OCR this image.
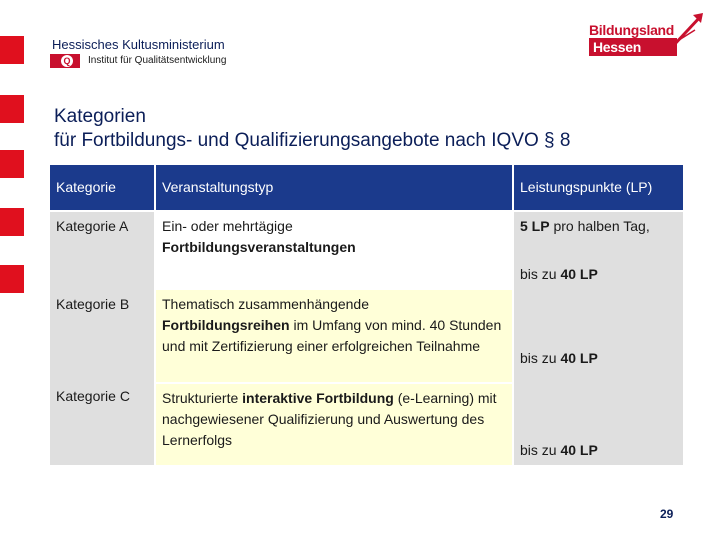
Hessisches Kultusministerium
Q Institut für Qualitätsentwicklung
Bildungsland
Hessen
Kategorien
für Fortbildungs- und Qualifizierungsangebote nach IQVO § 8
Kategorie	Veranstaltungstyp	Leistungspunkte (LP)
Kategorie A
Kategorie B
Kategorie C
Ein- oder mehrtägige
Fortbildungsveranstaltungen
Thematisch zusammenhängende
Fortbildungsreihen im Umfang von mind. 40 Stunden und mit Zertifizierung einer erfolgreichen Teilnahme
Strukturierte interaktive Fortbildung (e-Learning) mit nachgewiesener Qualifizierung und Auswertung des Lernerfolgs
5 LP pro halben Tag,
bis zu 40 LP
bis zu 40 LP
bis zu 40 LP
29
